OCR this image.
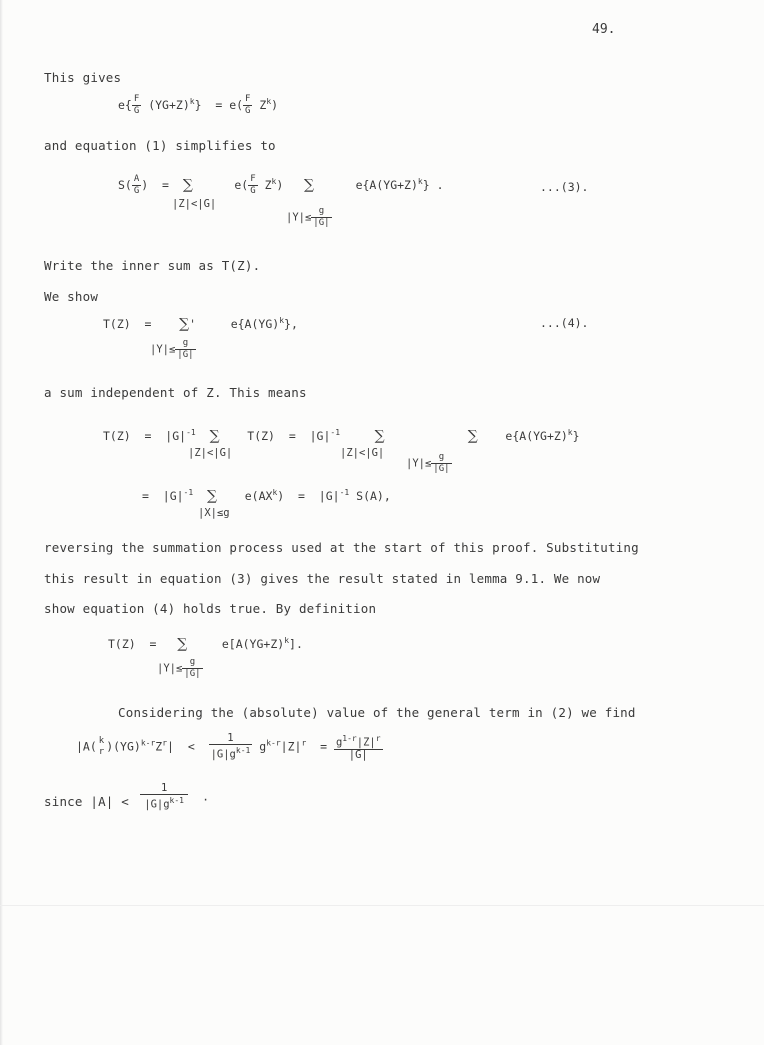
49.
This gives
$e\{ \frac{F}{G} (YG+Z)^k\} = e( \frac{F}{G} Z^k)$
and equation (1) simplifies to
$S( \frac{A}{G}$ )  =  ∑      $e( \frac{F}{G} Z^k)$   ∑      $e\{A(YG+Z)^k\}$ .
|Z|<|G|
$|Y|\le \frac{g}{|G|}$
...(3).
Write the inner sum as T(Z).
We show
T(Z)  =    ∑'     e{A(YG)$^k$},
$|Y|\le \frac{g}{|G|}$
...(4).
a sum independent of Z. This means
$T(Z) = |G|^{-1}$ ∑    $T(Z) = |G|^{-1}$ ∑	∑    $e\{A(YG+Z)^k\}$
|Z|<|G|	|Z|<|G|
$|Y|\le \frac{g}{|G|}$
=  $|G|^{-1}$ ∑    $e(AX^k) = |G|^{-1}$ S(A),
|X|≤g
reversing the summation process used at the start of this proof. Substituting
this result in equation (3) gives the result stated in lemma 9.1. We now
show equation (4) holds true. By definition
T(Z)  =   ∑     $e[A(YG+Z)^k]$.
$|Y|\le \frac{g}{|G|}$
Considering the (absolute) value of the general term in (2) we find
|A( k
r )$(YG)^{k-r}Z^r| < \frac{1}{|G|g^{k-1}} g^{k-r}|Z|^r = \frac{g^{1-r}|Z|^r}{|G|}$
since $|A| < \frac{1}{|G|g^{k-1}}$ .
